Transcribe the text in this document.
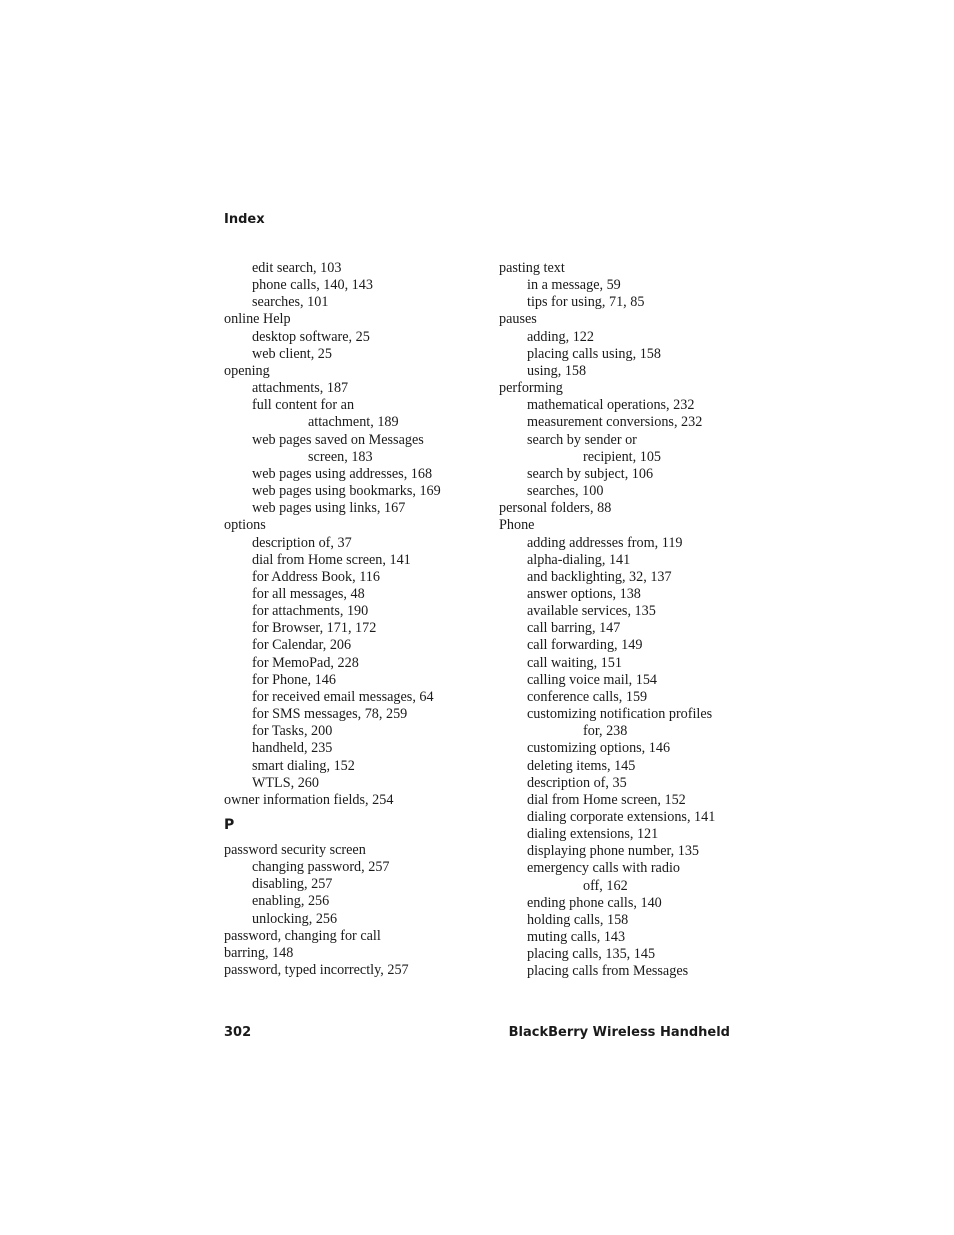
Index
edit search, 103
phone calls, 140, 143
searches, 101
online Help
desktop software, 25
web client, 25
opening
attachments, 187
full content for an
attachment, 189
web pages saved on Messages
screen, 183
web pages using addresses, 168
web pages using bookmarks, 169
web pages using links, 167
options
description of, 37
dial from Home screen, 141
for Address Book, 116
for all messages, 48
for attachments, 190
for Browser, 171, 172
for Calendar, 206
for MemoPad, 228
for Phone, 146
for received email messages, 64
for SMS messages, 78, 259
for Tasks, 200
handheld, 235
smart dialing, 152
WTLS, 260
owner information fields, 254
P
password security screen
changing password, 257
disabling, 257
enabling, 256
unlocking, 256
password, changing for call
barring, 148
password, typed incorrectly, 257
pasting text
in a message, 59
tips for using, 71, 85
pauses
adding, 122
placing calls using, 158
using, 158
performing
mathematical operations, 232
measurement conversions, 232
search by sender or
recipient, 105
search by subject, 106
searches, 100
personal folders, 88
Phone
adding addresses from, 119
alpha-dialing, 141
and backlighting, 32, 137
answer options, 138
available services, 135
call barring, 147
call forwarding, 149
call waiting, 151
calling voice mail, 154
conference calls, 159
customizing notification profiles
for, 238
customizing options, 146
deleting items, 145
description of, 35
dial from Home screen, 152
dialing corporate extensions, 141
dialing extensions, 121
displaying phone number, 135
emergency calls with radio
off, 162
ending phone calls, 140
holding calls, 158
muting calls, 143
placing calls, 135, 145
placing calls from Messages
302	BlackBerry Wireless Handheld
